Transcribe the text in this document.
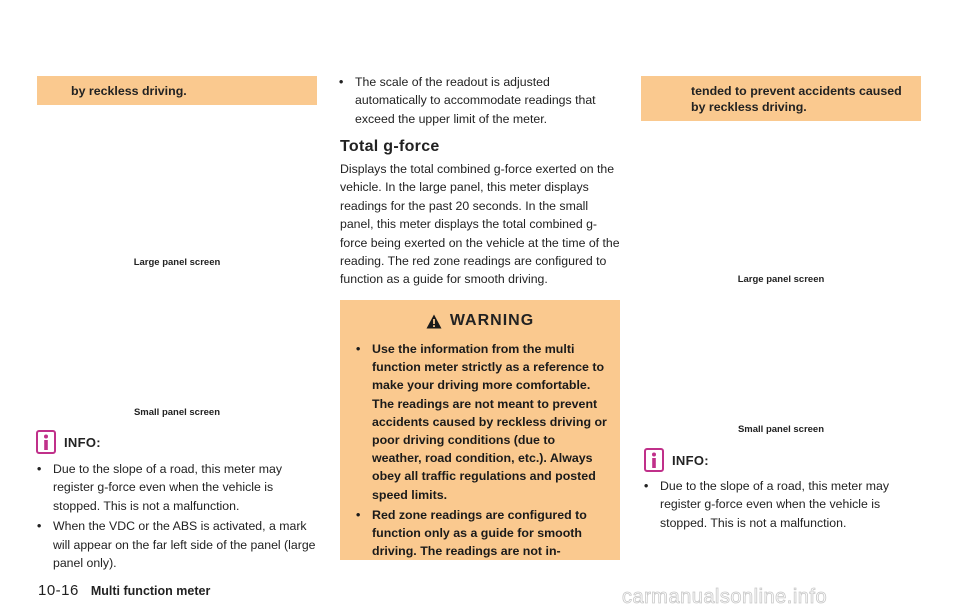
by reckless driving.
Large panel screen
Small panel screen
INFO:
• Due to the slope of a road, this meter may register g-force even when the vehicle is stopped. This is not a malfunction.
• When the VDC or the ABS is activated, a mark will appear on the far left side of the panel (large panel only).
• The scale of the readout is adjusted automatically to accommodate readings that exceed the upper limit of the meter.
Total g-force
Displays the total combined g-force exerted on the vehicle. In the large panel, this meter displays readings for the past 20 seconds. In the small panel, this meter displays the total combined g-force being exerted on the vehicle at the time of the reading. The red zone readings are configured to function as a guide for smooth driving.
WARNING
• Use the information from the multi function meter strictly as a reference to make your driving more comfortable. The readings are not meant to prevent accidents caused by reckless driving or poor driving conditions (due to weather, road condition, etc.). Always obey all traffic regulations and posted speed limits.
• Red zone readings are configured to function only as a guide for smooth driving. The readings are not in-
tended to prevent accidents caused by reckless driving.
Large panel screen
Small panel screen
INFO:
• Due to the slope of a road, this meter may register g-force even when the vehicle is stopped. This is not a malfunction.
10-16 Multi function meter	carmanualsonline.info
